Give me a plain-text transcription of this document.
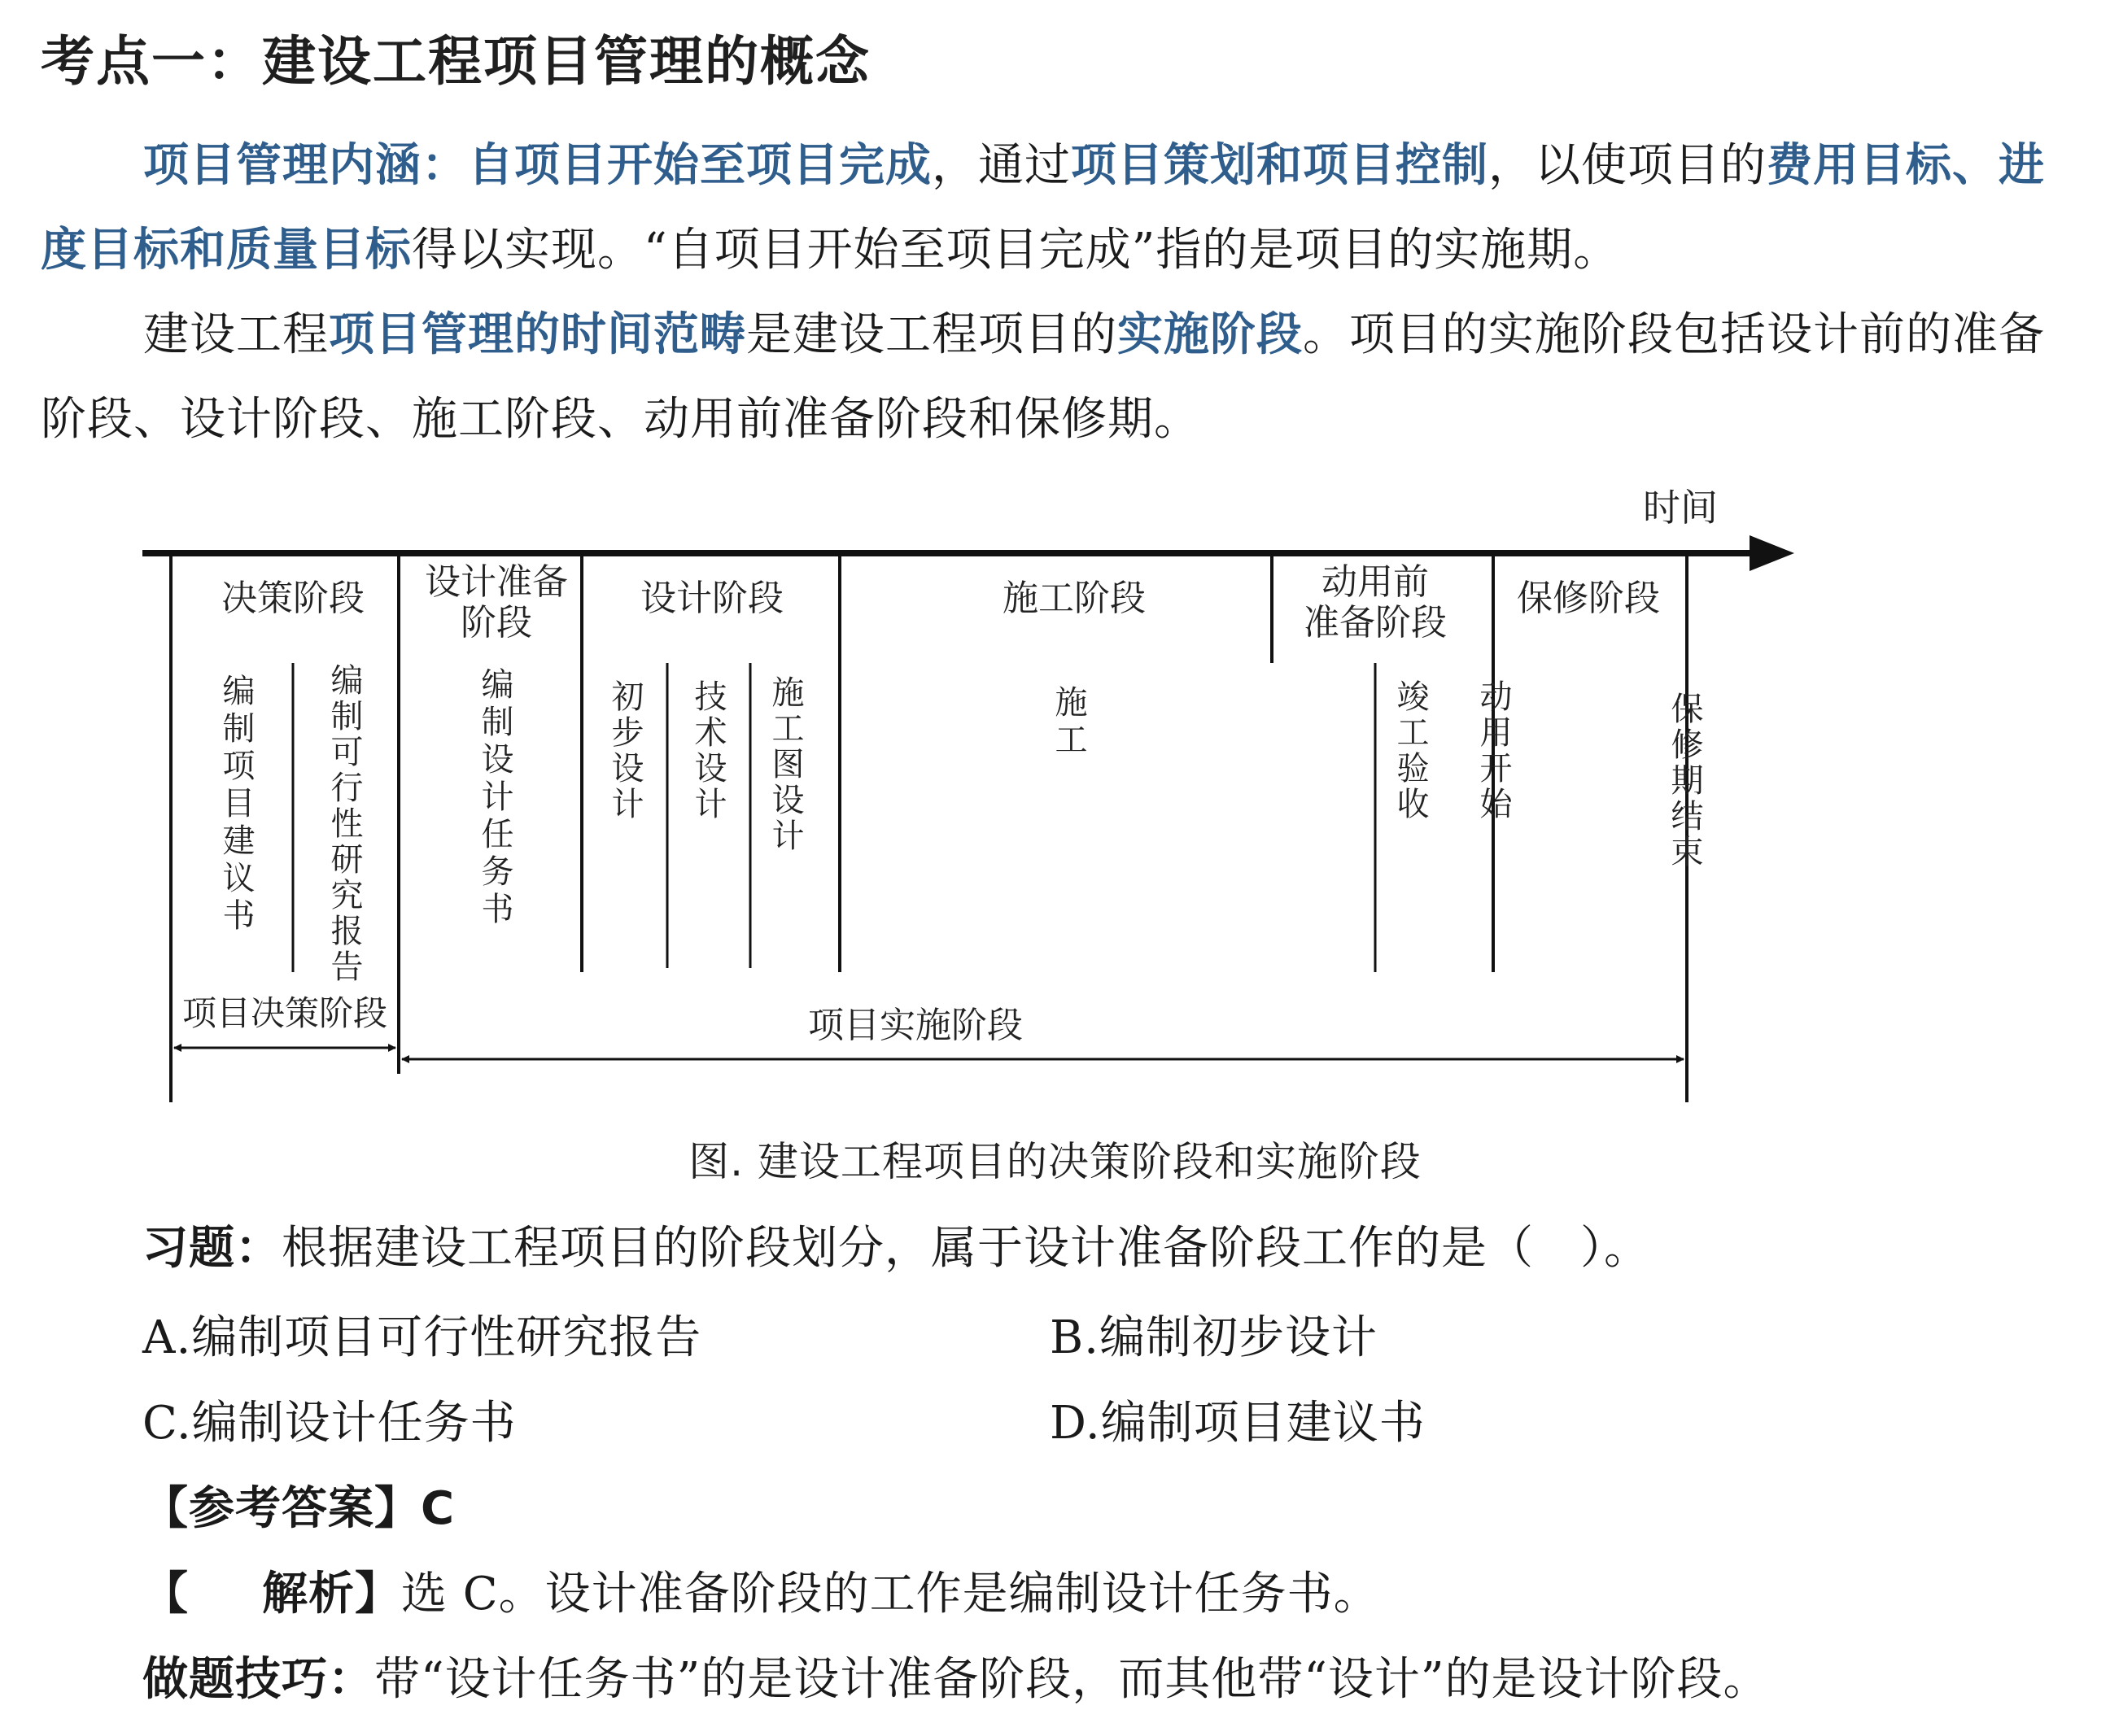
考点一：建设工程项目管理的概念
项目管理内涵：自项目开始至项目完成，通过项目策划和项目控制，以使项目的费用目标、进度目标和质量目标得以实现。“自项目开始至项目完成”指的是项目的实施期。
建设工程项目管理的时间范畴是建设工程项目的实施阶段。项目的实施阶段包括设计前的准备阶段、设计阶段、施工阶段、动用前准备阶段和保修期。
时间
决策阶段 设计准备
阶段
设计阶段	施工阶段	动用前
准备阶段
保修阶段
编制项目建议书 编制可行性研究报告	编制设计任务书	初步设计 技术设计 施工图设计	施工	竣工验收 动用开始	保修期结束
项目决策阶段	项目实施阶段
图. 建设工程项目的决策阶段和实施阶段
习题：根据建设工程项目的阶段划分，属于设计准备阶段工作的是（　）。
A.编制项目可行性研究报告	B.编制初步设计
C.编制设计任务书	D.编制项目建议书
【参考答案】C
【 解析】选 C。设计准备阶段的工作是编制设计任务书。
做题技巧：带“设计任务书”的是设计准备阶段，而其他带“设计”的是设计阶段。
